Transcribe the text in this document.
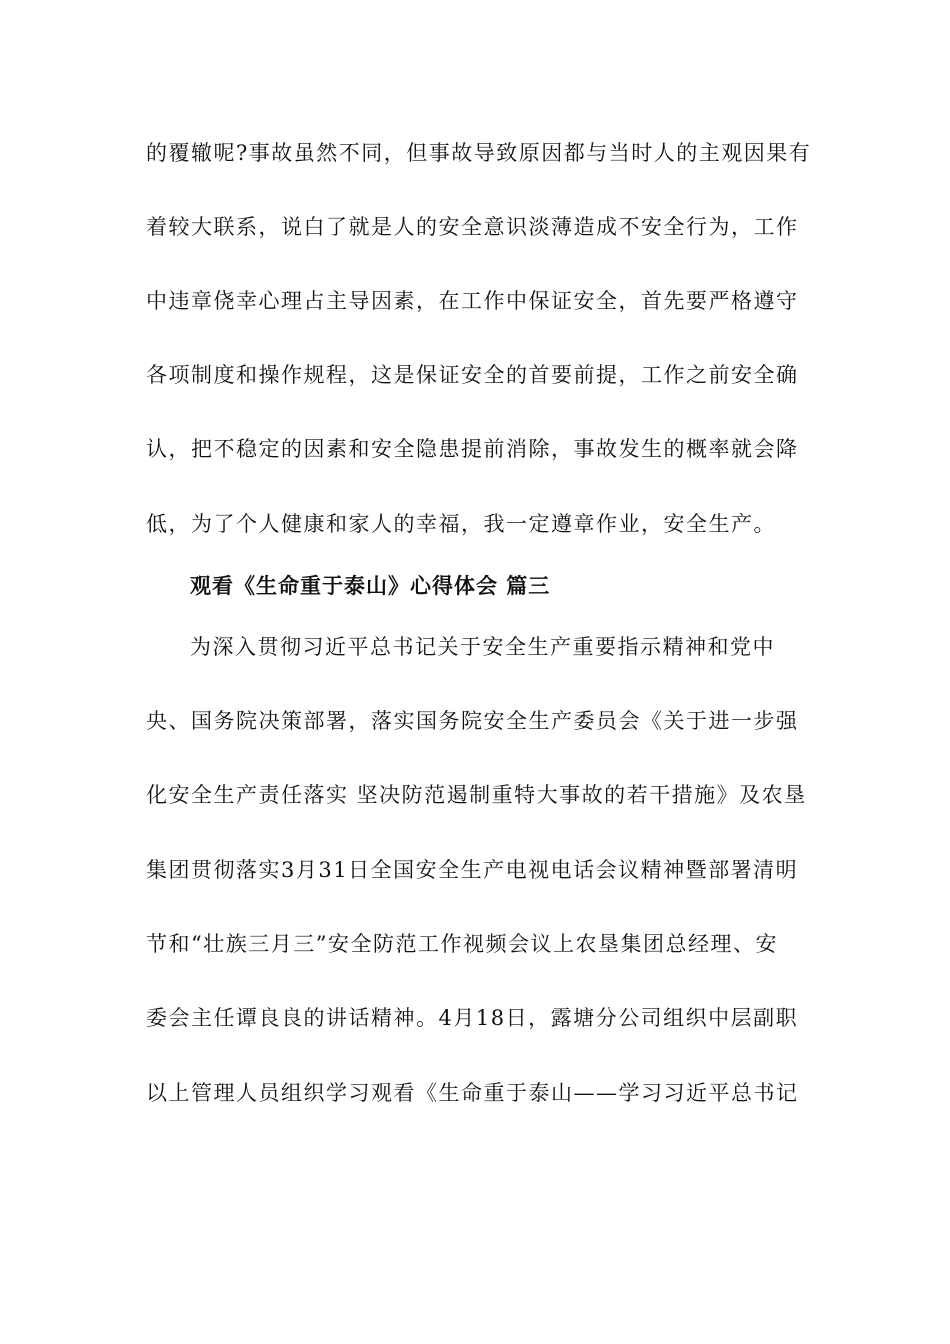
的覆辙呢?事故虽然不同，但事故导致原因都与当时人的主观因果有
着较大联系，说白了就是人的安全意识淡薄造成不安全行为，工作
中违章侥幸心理占主导因素，在工作中保证安全，首先要严格遵守
各项制度和操作规程，这是保证安全的首要前提，工作之前安全确
认，把不稳定的因素和安全隐患提前消除，事故发生的概率就会降
低，为了个人健康和家人的幸福，我一定遵章作业，安全生产。
观看《生命重于泰山》心得体会 篇三
为深入贯彻习近平总书记关于安全生产重要指示精神和党中
央、国务院决策部署，落实国务院安全生产委员会《关于进一步强
化安全生产责任落实 坚决防范遏制重特大事故的若干措施》及农垦
集团贯彻落实3月31日全国安全生产电视电话会议精神暨部署清明
节和“壮族三月三”安全防范工作视频会议上农垦集团总经理、安
委会主任谭良良的讲话精神。4月18日，露塘分公司组织中层副职
以上管理人员组织学习观看《生命重于泰山——学习习近平总书记
